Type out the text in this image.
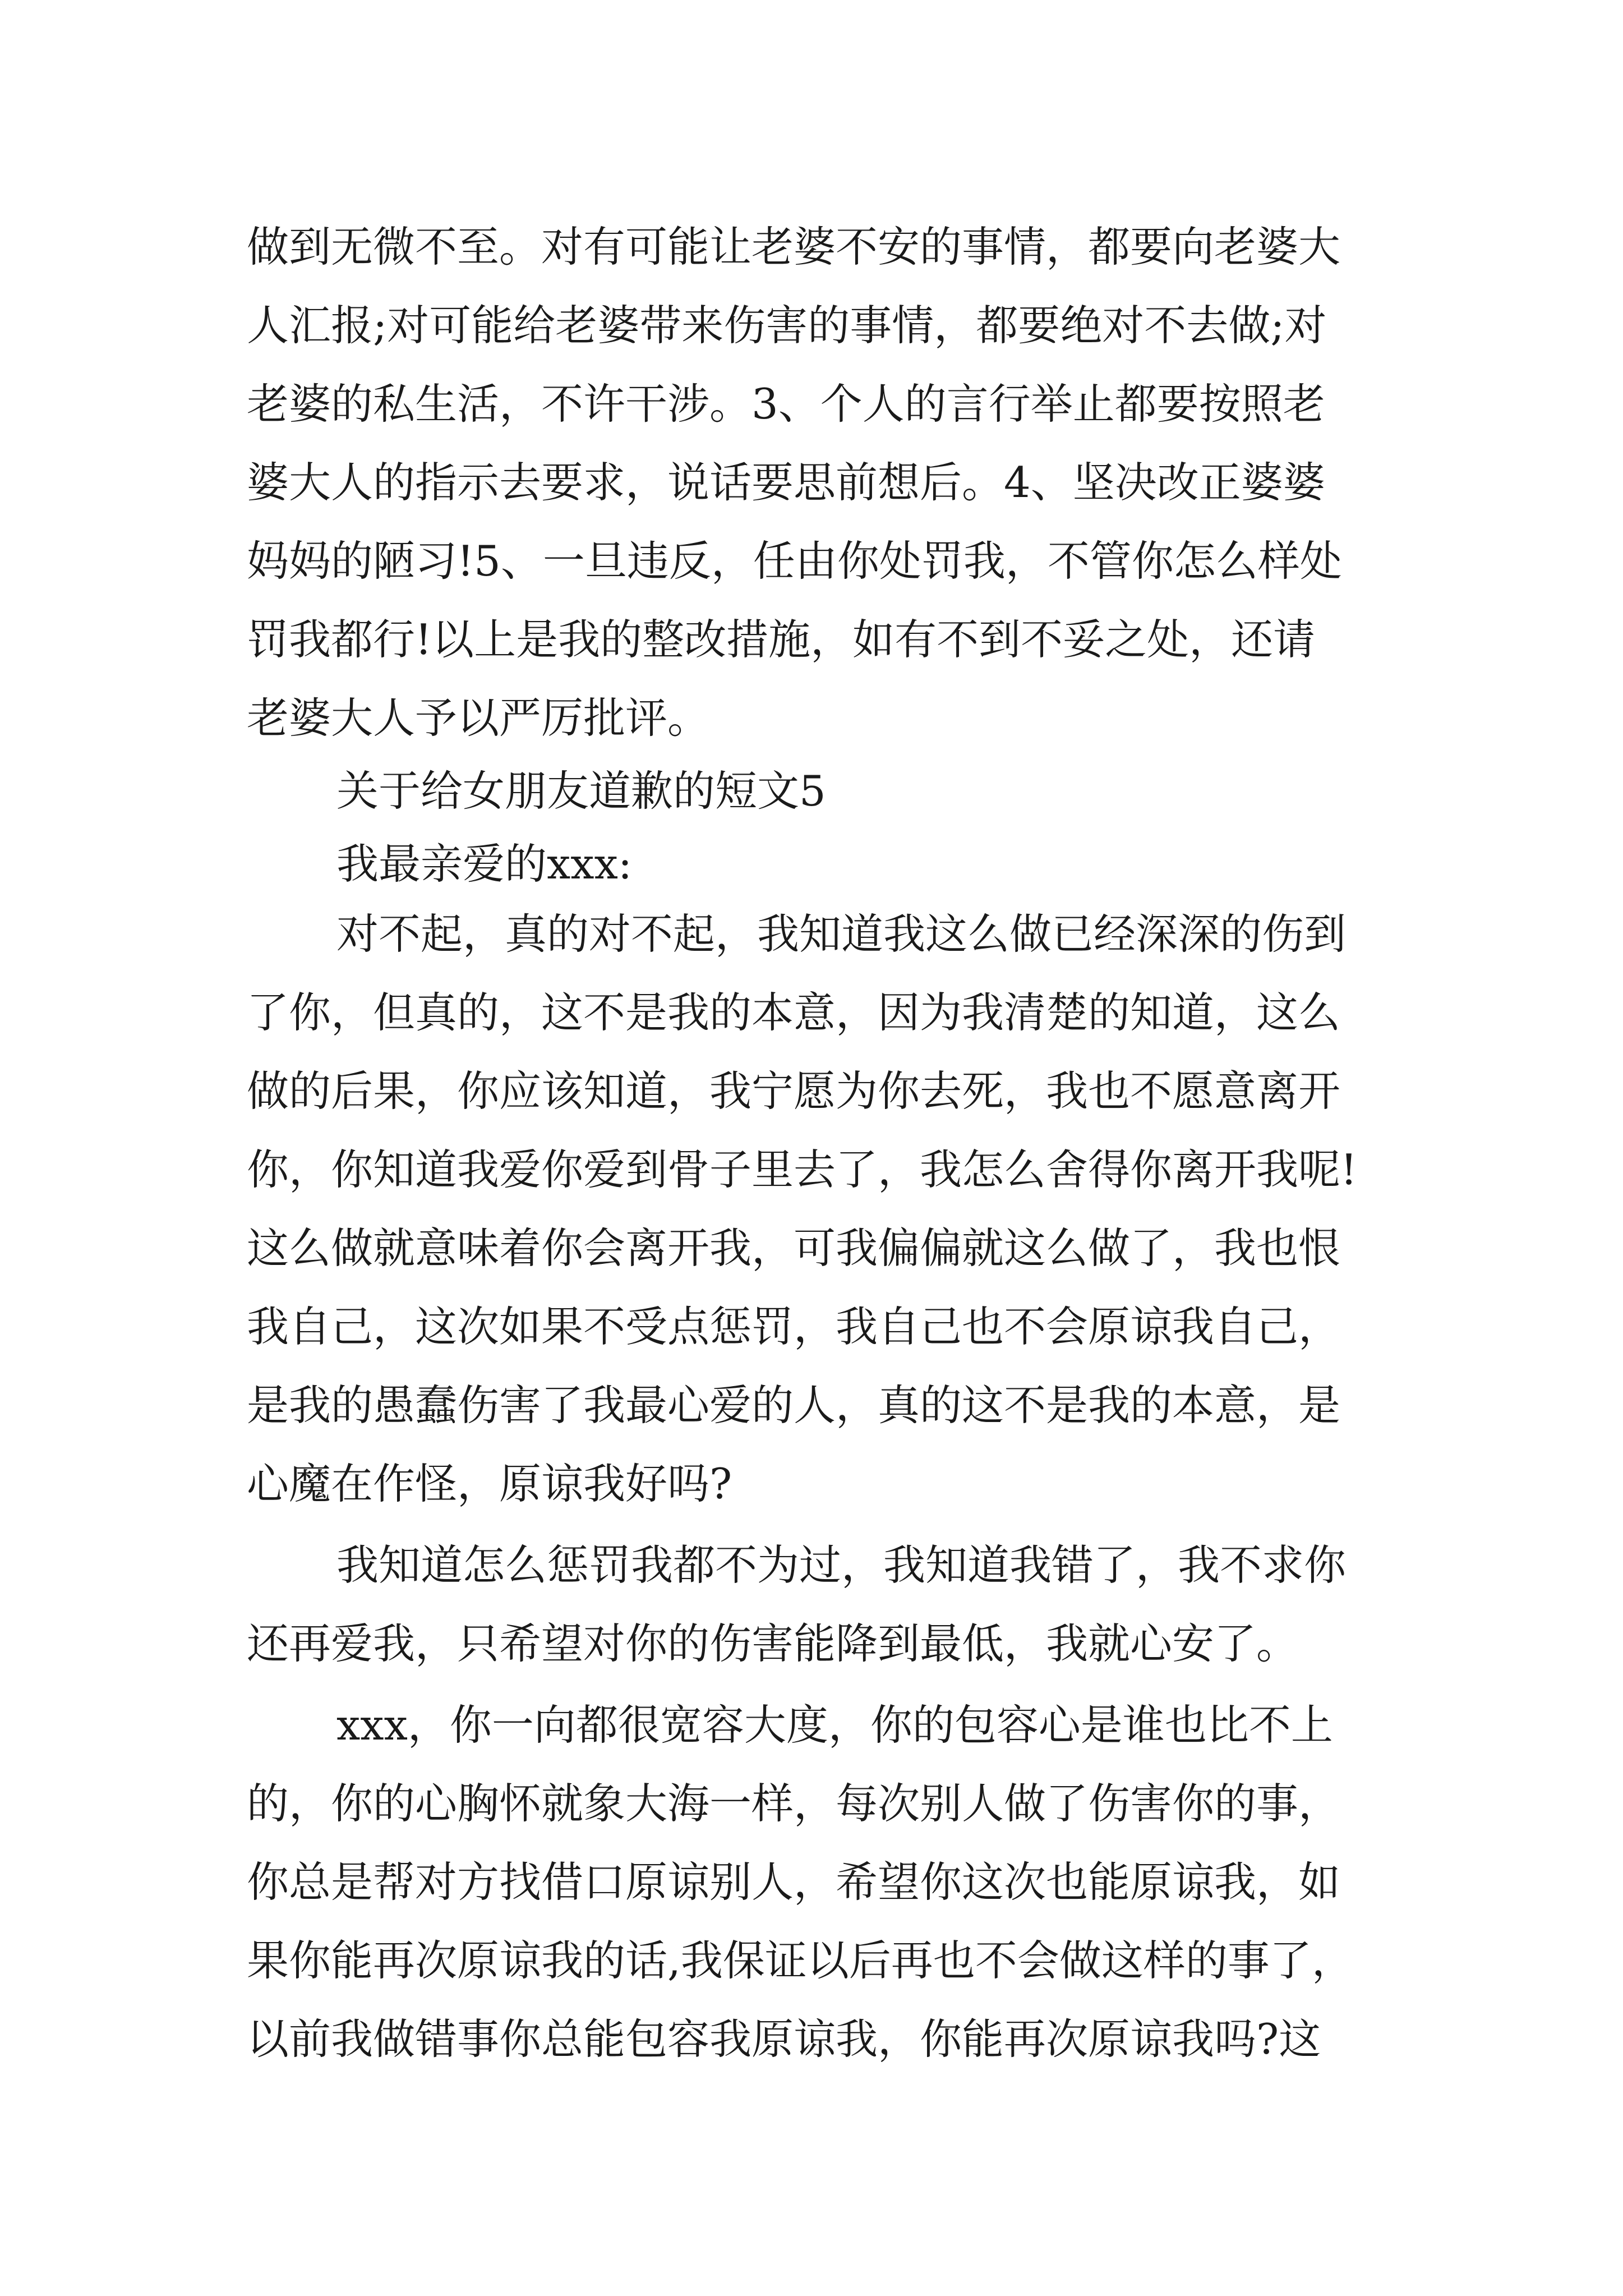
做到无微不至。对有可能让老婆不安的事情，都要向老婆大
人汇报;对可能给老婆带来伤害的事情，都要绝对不去做;对
老婆的私生活，不许干涉。3、个人的言行举止都要按照老
婆大人的指示去要求，说话要思前想后。4、坚决改正婆婆
妈妈的陋习!5、一旦违反，任由你处罚我，不管你怎么样处
罚我都行!以上是我的整改措施，如有不到不妥之处，还请
老婆大人予以严厉批评。
关于给女朋友道歉的短文5
我最亲爱的xxx:
对不起，真的对不起，我知道我这么做已经深深的伤到
了你，但真的，这不是我的本意，因为我清楚的知道，这么
做的后果，你应该知道，我宁愿为你去死，我也不愿意离开
你，你知道我爱你爱到骨子里去了，我怎么舍得你离开我呢!
这么做就意味着你会离开我，可我偏偏就这么做了，我也恨
我自己，这次如果不受点惩罚，我自己也不会原谅我自己，
是我的愚蠢伤害了我最心爱的人，真的这不是我的本意，是
心魔在作怪，原谅我好吗?
我知道怎么惩罚我都不为过，我知道我错了，我不求你
还再爱我，只希望对你的伤害能降到最低，我就心安了。
xxx，你一向都很宽容大度，你的包容心是谁也比不上
的，你的心胸怀就象大海一样，每次别人做了伤害你的事，
你总是帮对方找借口原谅别人，希望你这次也能原谅我，如
果你能再次原谅我的话,我保证以后再也不会做这样的事了，
以前我做错事你总能包容我原谅我，你能再次原谅我吗?这
